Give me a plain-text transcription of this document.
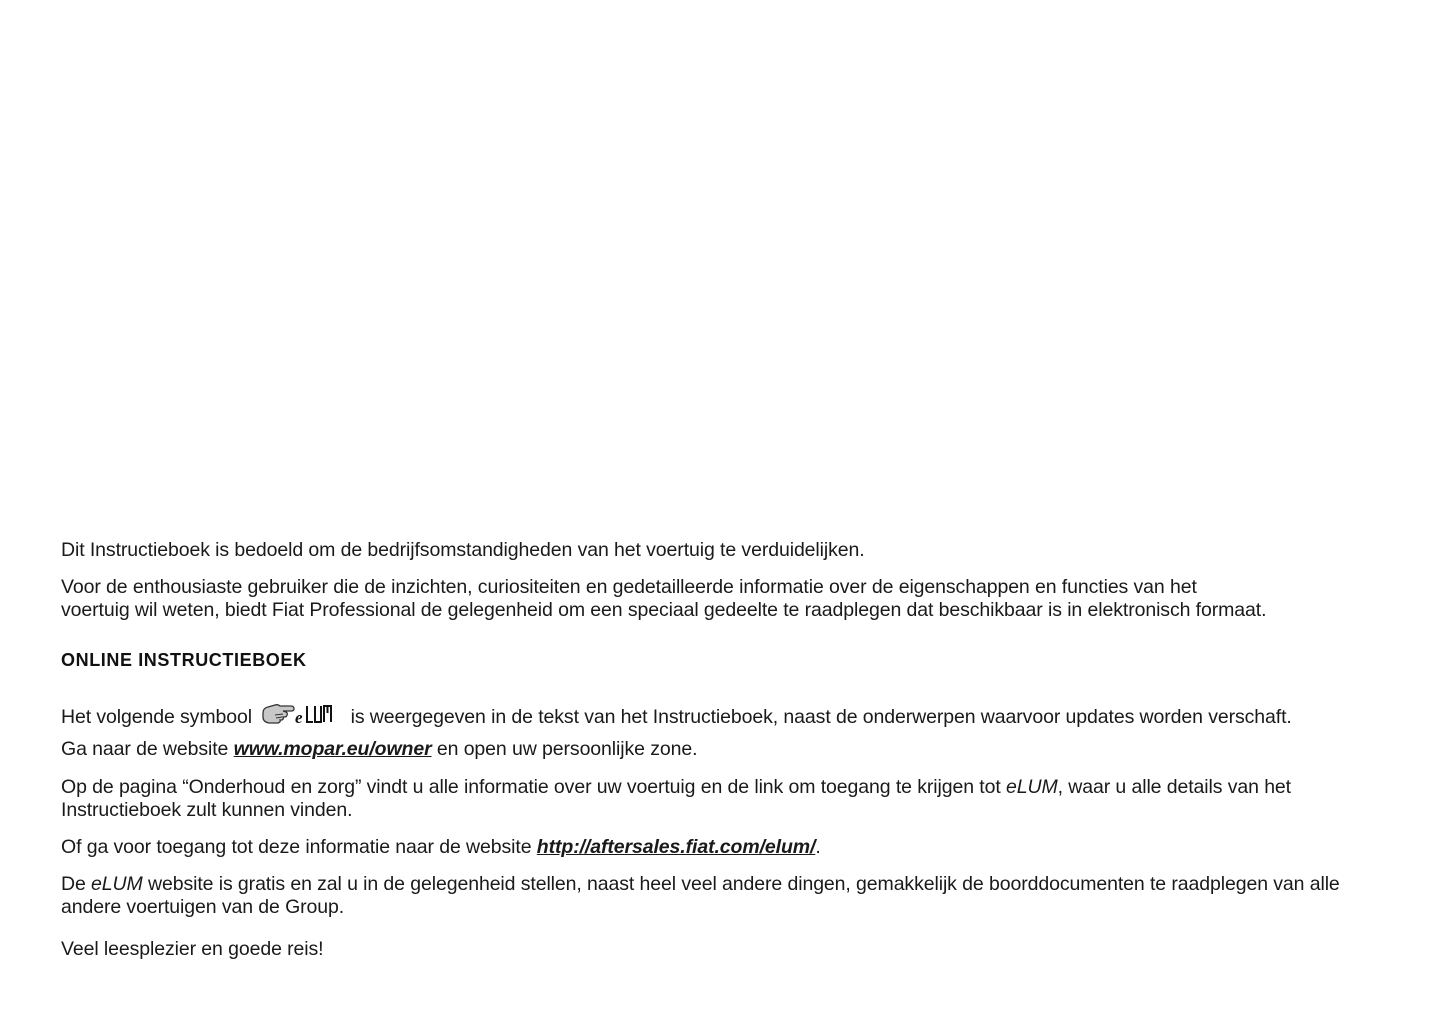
Dit Instructieboek is bedoeld om de bedrijfsomstandigheden van het voertuig te verduidelijken.
Voor de enthousiaste gebruiker die de inzichten, curiositeiten en gedetailleerde informatie over de eigenschappen en functies van het
voertuig wil weten, biedt Fiat Professional de gelegenheid om een speciaal gedeelte te raadplegen dat beschikbaar is in elektronisch formaat.
ONLINE INSTRUCTIEBOEK
Het volgende symbool	e is weergegeven in de tekst van het Instructieboek, naast de onderwerpen waarvoor updates worden verschaft.
Ga naar de website www.mopar.eu/owner en open uw persoonlijke zone.
Op de pagina “Onderhoud en zorg” vindt u alle informatie over uw voertuig en de link om toegang te krijgen tot eLUM, waar u alle details van het
Instructieboek zult kunnen vinden.
Of ga voor toegang tot deze informatie naar de website http://aftersales.fiat.com/elum/.
De eLUM website is gratis en zal u in de gelegenheid stellen, naast heel veel andere dingen, gemakkelijk de boorddocumenten te raadplegen van alle
andere voertuigen van de Group.
Veel leesplezier en goede reis!
